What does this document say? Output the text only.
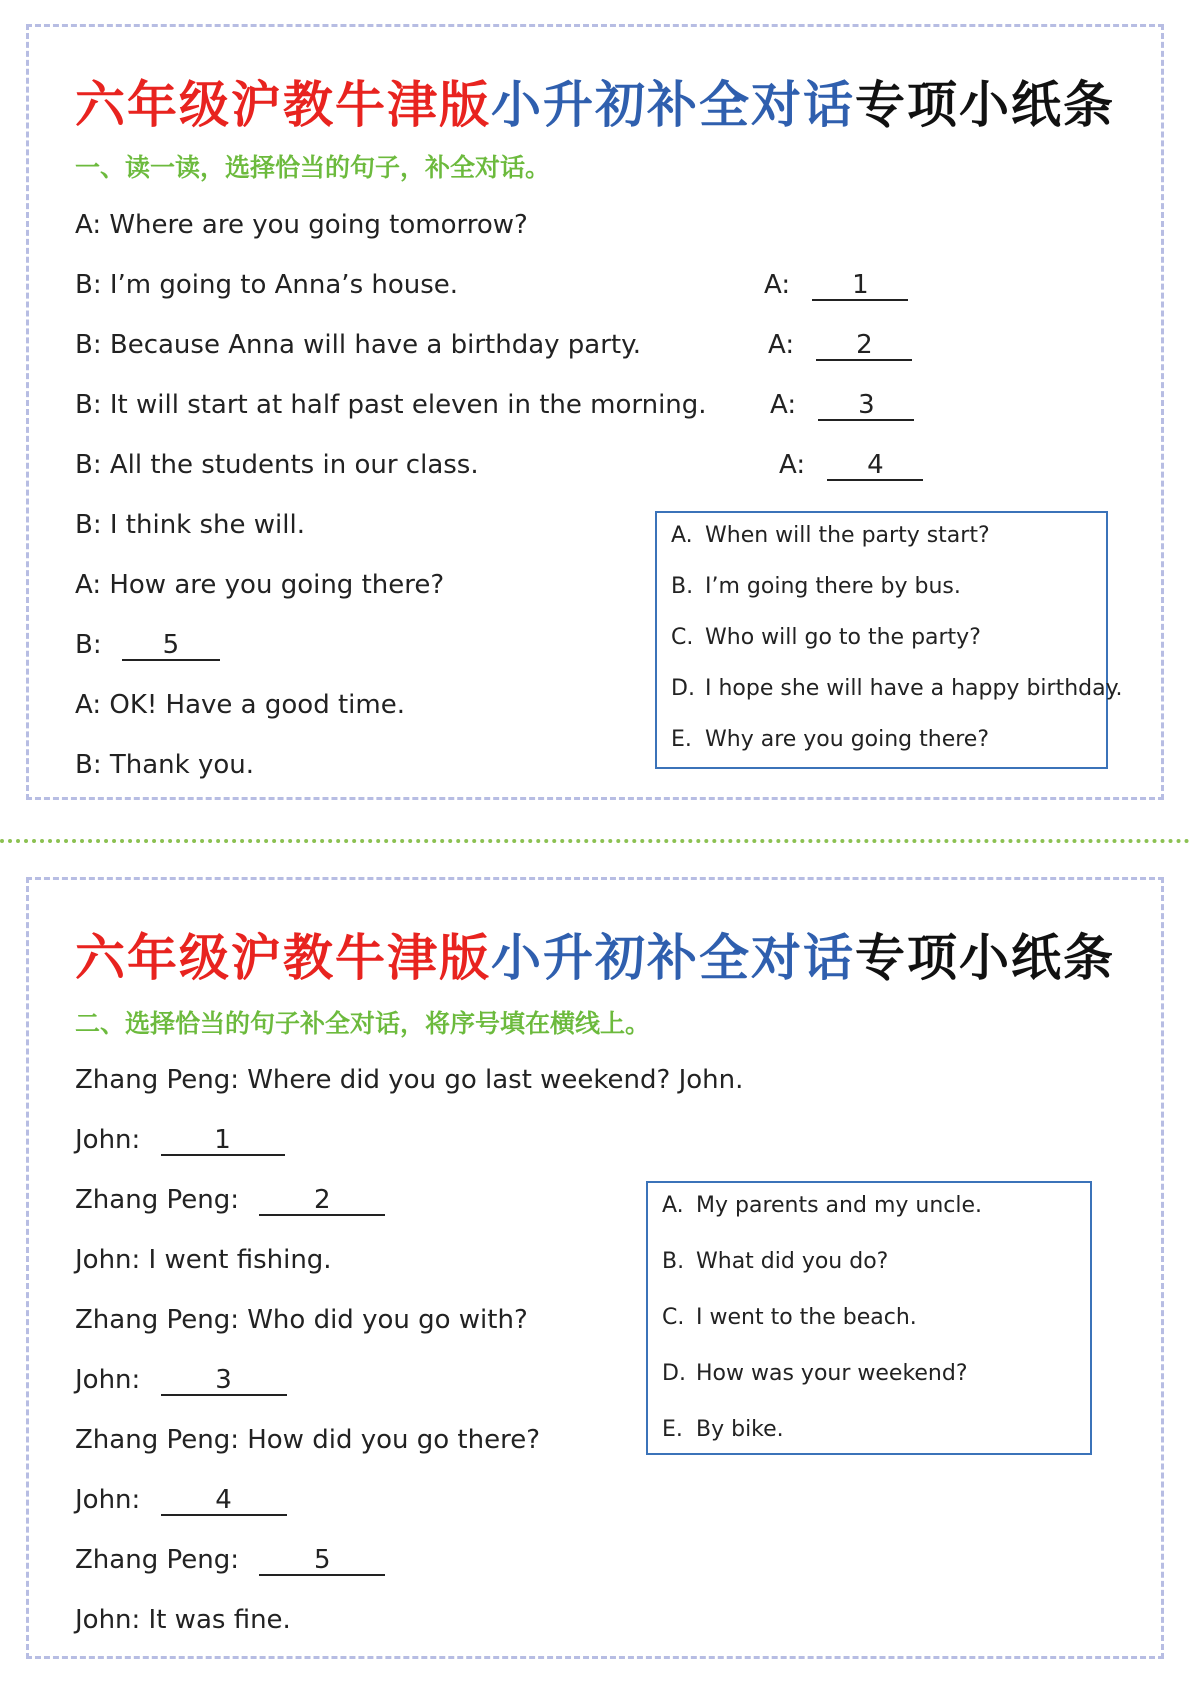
六年级沪教牛津版小升初补全对话专项小纸条
一、读一读，选择恰当的句子，补全对话。
A: Where are you going tomorrow?
B: I’m going to Anna’s house.
B: Because Anna will have a birthday party.
B: It will start at half past eleven in the morning.
B: All the students in our class.
B: I think she will.
A: How are you going there?
B: 5
A: OK! Have a good time.
B: Thank you.
A: 1
A: 2
A: 3
A: 4
A. When will the party start?
B. I’m going there by bus.
C. Who will go to the party?
D. I hope she will have a happy birthday.
E. Why are you going there?
六年级沪教牛津版小升初补全对话专项小纸条
二、选择恰当的句子补全对话，将序号填在横线上。
Zhang Peng: Where did you go last weekend? John.
John:	1
Zhang Peng:	2
John: I went fishing.
Zhang Peng: Who did you go with?
John:	3
Zhang Peng: How did you go there?
John:	4
Zhang Peng:	5
John: It was fine.
A. My parents and my uncle.
B. What did you do?
C. I went to the beach.
D. How was your weekend?
E. By bike.
